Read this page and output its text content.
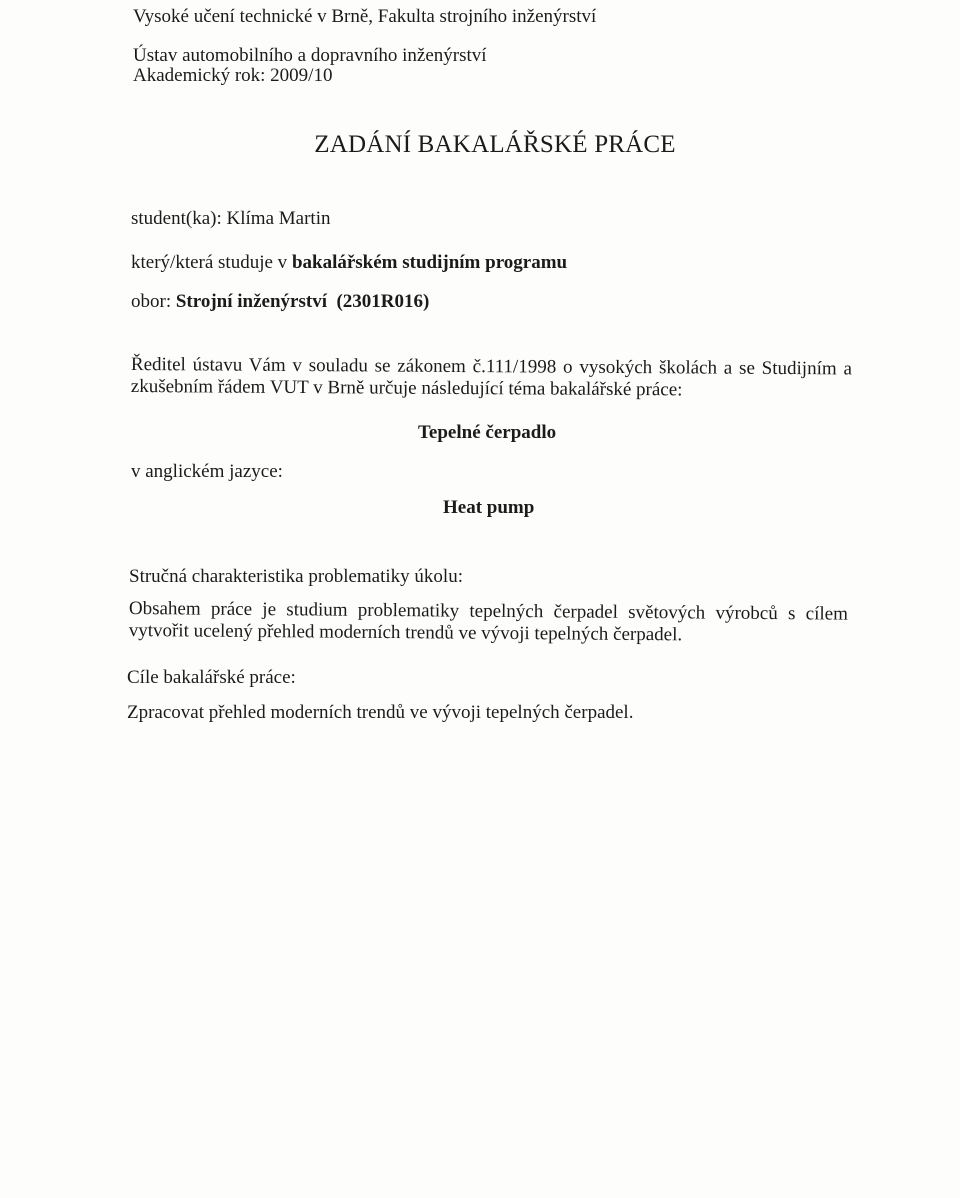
Vysoké učení technické v Brně, Fakulta strojního inženýrství
Ústav automobilního a dopravního inženýrství
Akademický rok: 2009/10
ZADÁNÍ BAKALÁŘSKÉ PRÁCE
student(ka): Klíma Martin
který/která studuje v bakalářském studijním programu
obor: Strojní inženýrství  (2301R016)
Ředitel ústavu Vám v souladu se zákonem č.111/1998 o vysokých školách a se Studijním a
zkušebním řádem VUT v Brně určuje následující téma bakalářské práce:
Tepelné čerpadlo
v anglickém jazyce:
Heat pump
Stručná charakteristika problematiky úkolu:
Obsahem práce je studium problematiky tepelných čerpadel světových výrobců s cílem
vytvořit ucelený přehled moderních trendů ve vývoji tepelných čerpadel.
Cíle bakalářské práce:
Zpracovat přehled moderních trendů ve vývoji tepelných čerpadel.
